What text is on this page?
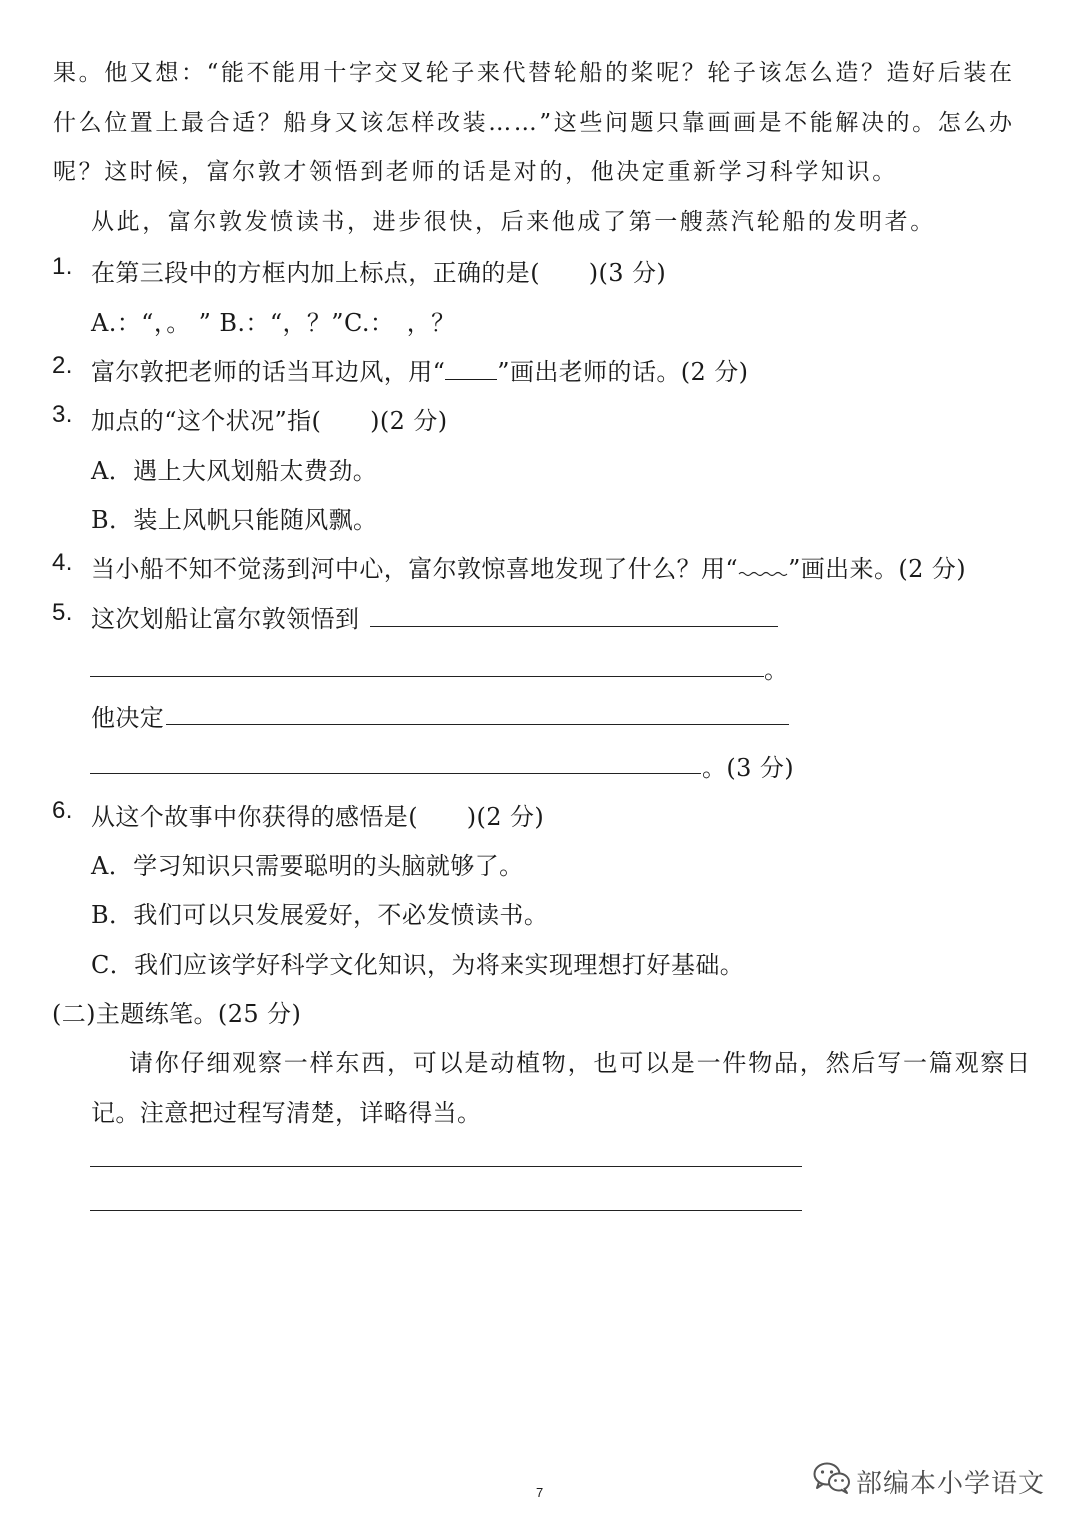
果。他又想：“能不能用十字交叉轮子来代替轮船的桨呢？轮子该怎么造？造好后装在
什么位置上最合适？船身又该怎样改装……”这些问题只靠画画是不能解决的。怎么办
呢？这时候，富尔敦才领悟到老师的话是对的，他决定重新学习科学知识。
从此，富尔敦发愤读书，进步很快，后来他成了第一艘蒸汽轮船的发明者。
1. 在第三段中的方框内加上标点，正确的是(　　)(3 分)
A.：“，。 ” B.：“，？”C.：　，？
2. 富尔敦把老师的话当耳边风，用“ ”画出老师的话。(2 分)
3. 加点的“这个状况”指(　　)(2 分)
A．遇上大风划船太费劲。
B．装上风帆只能随风飘。
4. 当小船不知不觉荡到河中心，富尔敦惊喜地发现了什么？用“ ”画出来。(2 分)
5. 这次划船让富尔敦领悟到
。
他决定
。(3 分)
6. 从这个故事中你获得的感悟是(　　)(2 分)
A．学习知识只需要聪明的头脑就够了。
B．我们可以只发展爱好，不必发愤读书。
C．我们应该学好科学文化知识，为将来实现理想打好基础。
(二)主题练笔。(25 分)
请你仔细观察一样东西，可以是动植物，也可以是一件物品，然后写一篇观察日
记。注意把过程写清楚，详略得当。
7	部编本小学语文
